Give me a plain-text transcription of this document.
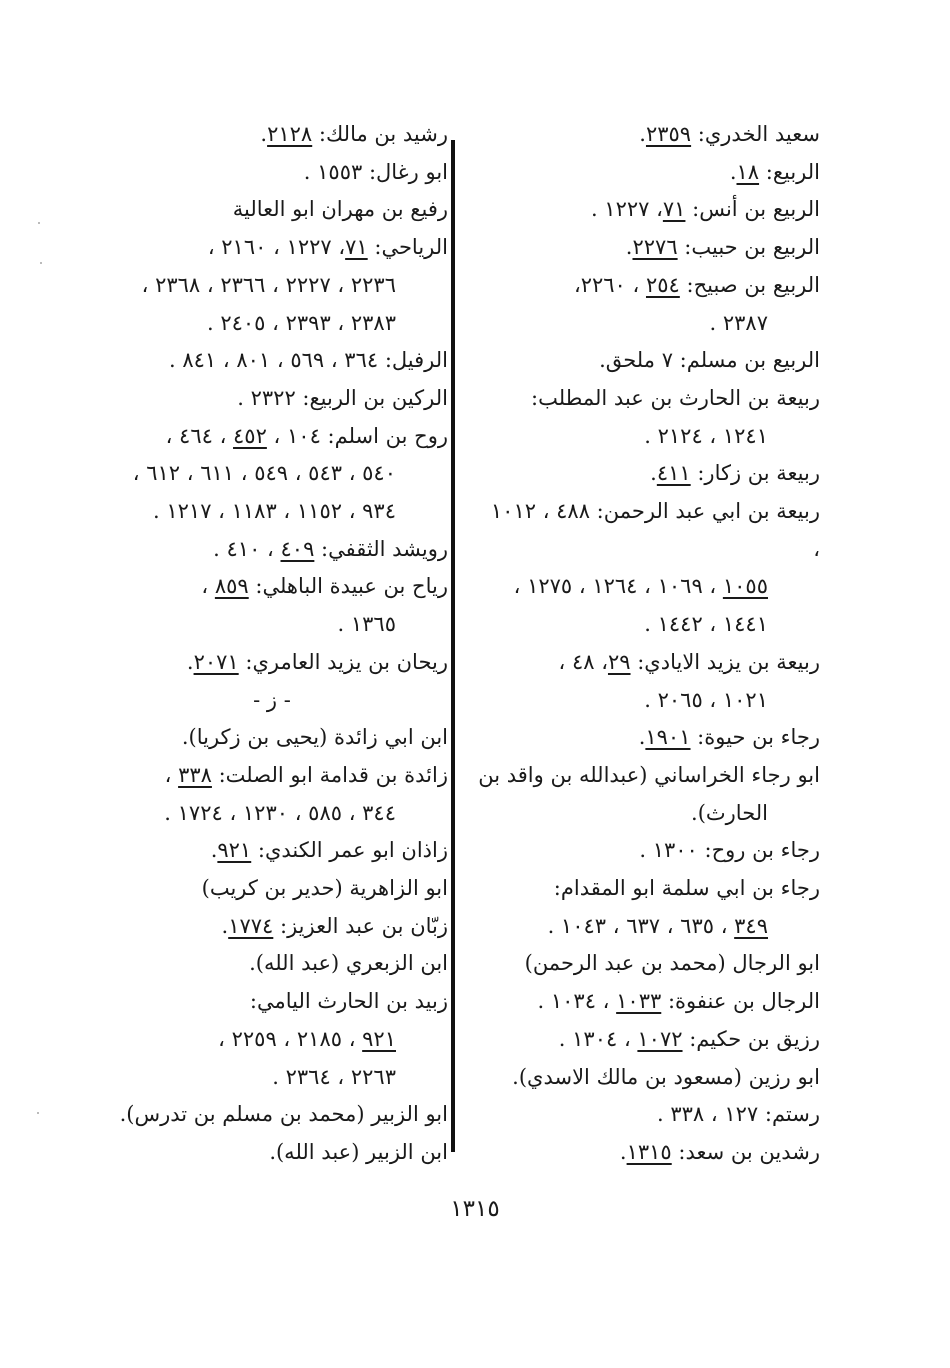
سعيد الخدري: ٢٣٥٩.
الربيع: ١٨.
الربيع بن أنس: ٧١، ١٢٢٧ .
الربيع بن حبيب: ٢٢٧٦.
الربيع بن صبيح: ٢٥٤ ، ٢٢٦٠،
٢٣٨٧ .
الربيع بن مسلم: ٧ ملحق.
ربيعة بن الحارث بن عبد المطلب:
١٢٤١ ، ٢١٢٤ .
ربيعة بن زكار: ٤١١.
ربيعة بن ابي عبد الرحمن: ٤٨٨ ، ١٠١٢ ،
١٠٥٥ ، ١٠٦٩ ، ١٢٦٤ ، ١٢٧٥ ،
١٤٤١ ، ١٤٤٢ .
ربيعة بن يزيد الايادي: ٢٩، ٤٨ ،
١٠٢١ ، ٢٠٦٥ .
رجاء بن حيوة: ١٩٠١.
ابو رجاء الخراساني (عبدالله بن واقد بن
الحارث).
رجاء بن روح: ١٣٠٠ .
رجاء بن ابي سلمة ابو المقدام:
٣٤٩ ، ٦٣٥ ، ٦٣٧ ، ١٠٤٣ .
ابو الرجال (محمد بن عبد الرحمن)
الرجال بن عنفوة: ١٠٣٣ ، ١٠٣٤ .
رزيق بن حكيم: ١٠٧٢ ، ١٣٠٤ .
ابو رزين (مسعود بن مالك الاسدي).
رستم: ١٢٧ ، ٣٣٨ .
رشدين بن سعد: ١٣١٥.
رشيد بن مالك: ٢١٢٨.
ابو رغال: ١٥٥٣ .
رفيع بن مهران ابو العالية
الرياحي: ٧١، ١٢٢٧ ، ٢١٦٠ ،
٢٢٣٦ ، ٢٢٢٧ ، ٢٣٦٦ ، ٢٣٦٨ ،
٢٣٨٣ ، ٢٣٩٣ ، ٢٤٠٥ .
الرفيل: ٣٦٤ ، ٥٦٩ ، ٨٠١ ، ٨٤١ .
الركين بن الربيع: ٢٣٢٢ .
روح بن اسلم: ١٠٤ ، ٤٥٢ ، ٤٦٤ ،
٥٤٠ ، ٥٤٣ ، ٥٤٩ ، ٦١١ ، ٦١٢ ،
٩٣٤ ، ١١٥٢ ، ١١٨٣ ، ١٢١٧ .
رويشد الثقفي: ٤٠٩ ، ٤١٠ .
رياح بن عبيدة الباهلي: ٨٥٩ ،
١٣٦٥ .
ريحان بن يزيد العامري: ٢٠٧١.
- ز -
ابن ابي زائدة (يحيى بن زكريا).
زائدة بن قدامة ابو الصلت: ٣٣٨ ،
٣٤٤ ، ٥٨٥ ، ١٢٣٠ ، ١٧٢٤ .
زاذان ابو عمر الكندي: ٩٢١.
ابو الزاهرية (حدير بن كريب)
زبّان بن عبد العزيز: ١٧٧٤.
ابن الزبعري (عبد الله).
زبيد بن الحارث اليامي:
٩٢١ ، ٢١٨٥ ، ٢٢٥٩ ،
٢٢٦٣ ، ٢٣٦٤ .
ابو الزبير (محمد بن مسلم بن تدرس).
ابن الزبير (عبد الله).
١٣١٥
